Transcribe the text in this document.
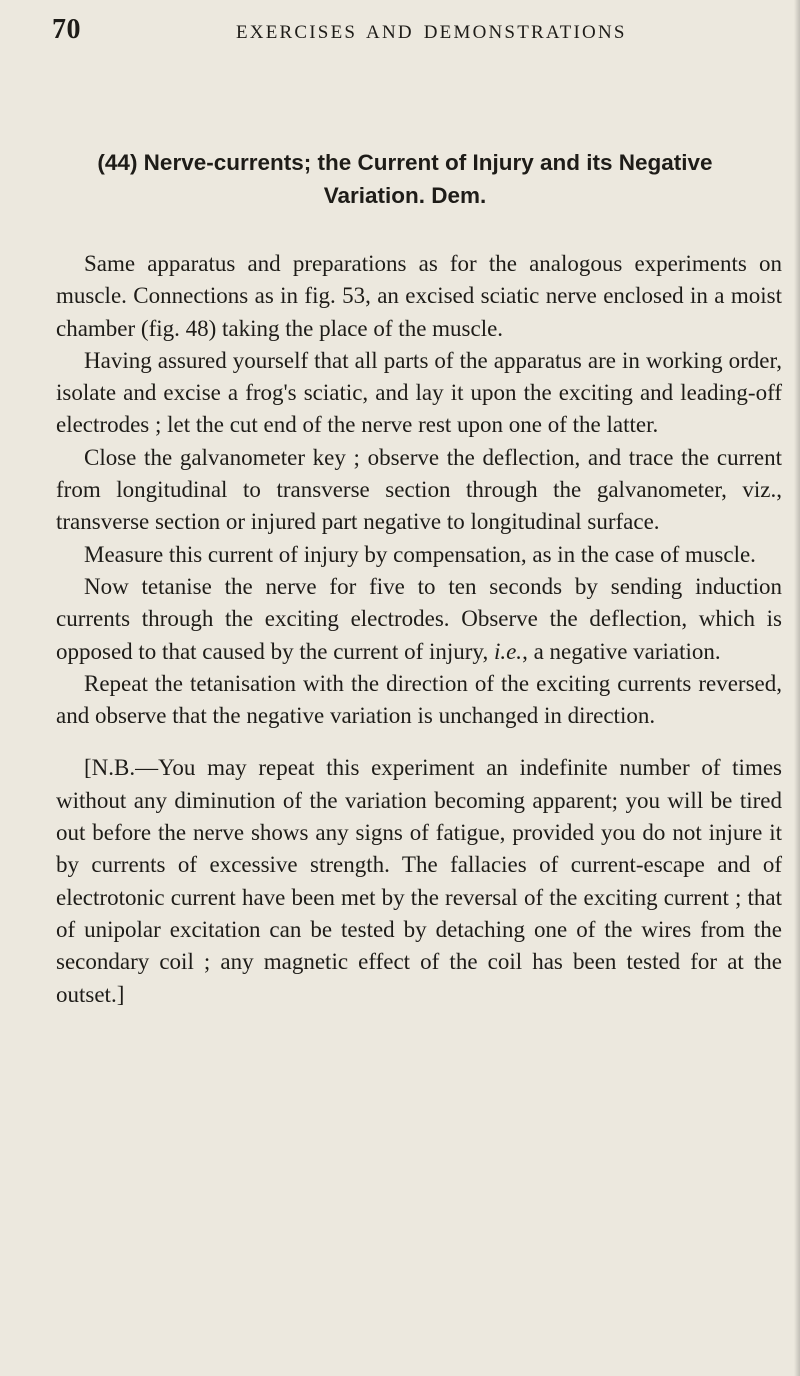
70	EXERCISES AND DEMONSTRATIONS
(44) Nerve-currents; the Current of Injury and its Negative Variation. Dem.

Same apparatus and preparations as for the analogous experiments on muscle. Connections as in fig. 53, an excised sciatic nerve enclosed in a moist chamber (fig. 48) taking the place of the muscle.

Having assured yourself that all parts of the apparatus are in working order, isolate and excise a frog's sciatic, and lay it upon the exciting and leading-off electrodes ; let the cut end of the nerve rest upon one of the latter.

Close the galvanometer key ; observe the deflection, and trace the current from longitudinal to transverse section through the galvanometer, viz., transverse section or injured part negative to longitudinal surface.

Measure this current of injury by compensation, as in the case of muscle.

Now tetanise the nerve for five to ten seconds by sending induction currents through the exciting electrodes. Observe the deflection, which is opposed to that caused by the current of injury, i.e., a negative variation.

Repeat the tetanisation with the direction of the exciting currents reversed, and observe that the negative variation is unchanged in direction.

[N.B.—You may repeat this experiment an indefinite number of times without any diminution of the variation becoming apparent; you will be tired out before the nerve shows any signs of fatigue, provided you do not injure it by currents of excessive strength. The fallacies of current-escape and of electrotonic current have been met by the reversal of the exciting current ; that of unipolar excitation can be tested by detaching one of the wires from the secondary coil ; any magnetic effect of the coil has been tested for at the outset.]
